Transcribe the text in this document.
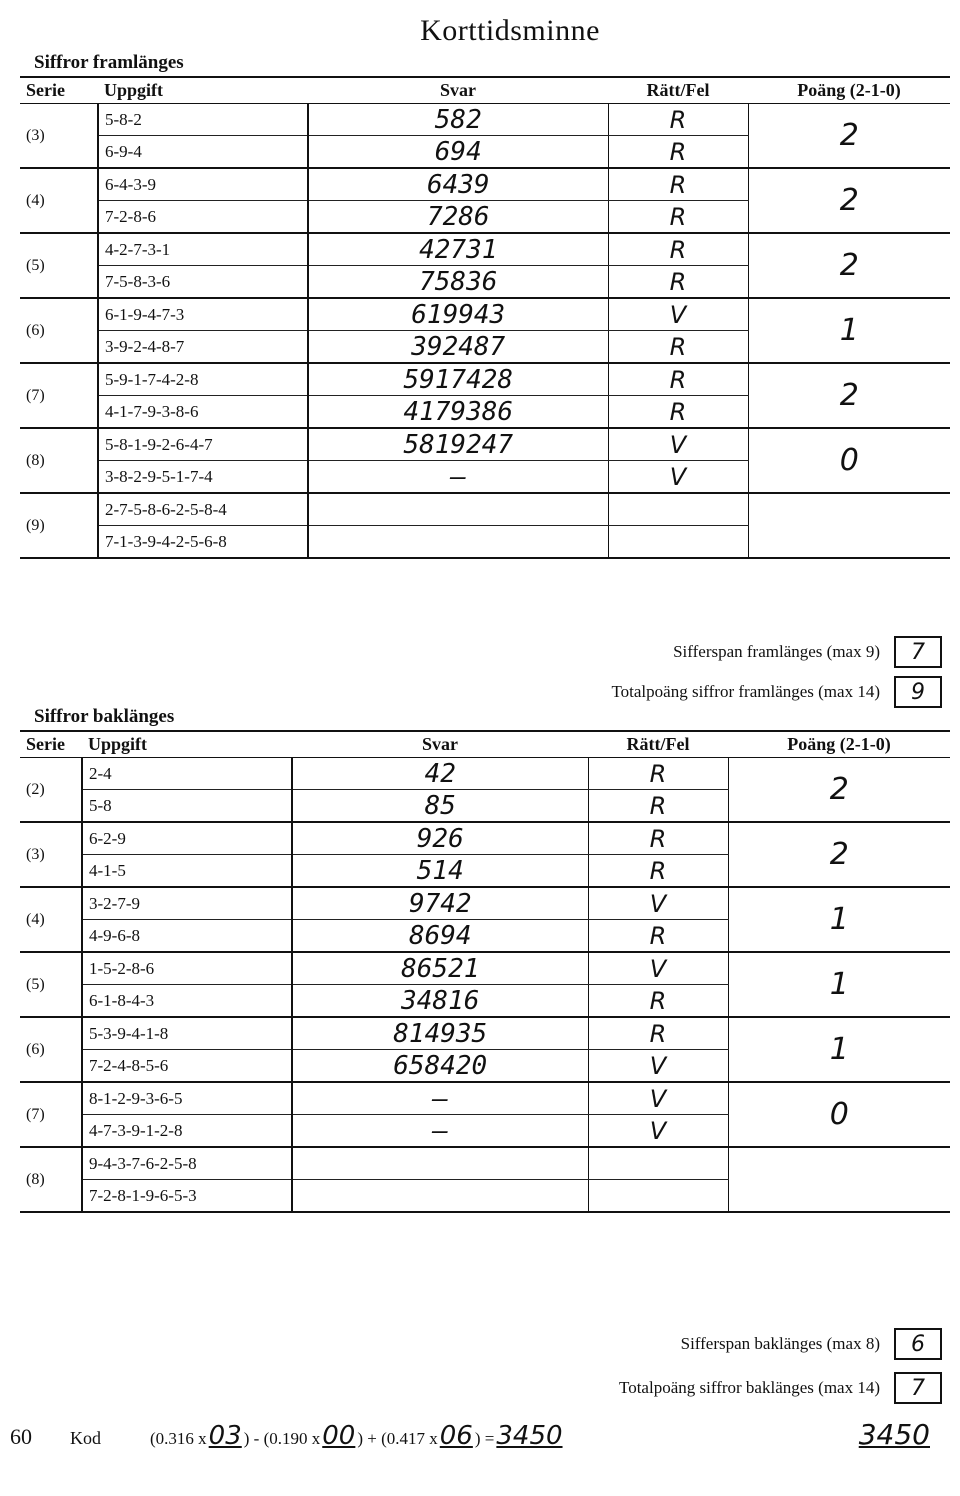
Korttidsminne
Siffror framlänges
Serie	Uppgift	Svar	Rätt/Fel	Poäng (2-1-0)
(3)	5-8-2	582	R	2
	6-9-4	694	R	
(4)	6-4-3-9	6439	R	2
	7-2-8-6	7286	R	
(5)	4-2-7-3-1	42731	R	2
	7-5-8-3-6	75836	R	
(6)	6-1-9-4-7-3	619943	V	1
	3-9-2-4-8-7	392487	R	
(7)	5-9-1-7-4-2-8	5917428	R	2
	4-1-7-9-3-8-6	4179386	R	
(8)	5-8-1-9-2-6-4-7	5819247	V	0
	3-8-2-9-5-1-7-4	—	V	
(9)	2-7-5-8-6-2-5-8-4			
	7-1-3-9-4-2-5-6-8			
Sifferspan framlänges (max 9)	7
Totalpoäng siffror framlänges (max 14)	9
Siffror baklänges
Serie	Uppgift	Svar	Rätt/Fel	Poäng (2-1-0)
(2)	2-4	42	R	2
	5-8	85	R	
(3)	6-2-9	926	R	2
	4-1-5	514	R	
(4)	3-2-7-9	9742	V	1
	4-9-6-8	8694	R	
(5)	1-5-2-8-6	86521	V	1
	6-1-8-4-3	34816	R	
(6)	5-3-9-4-1-8	814935	R	1
	7-2-4-8-5-6	658420	V	
(7)	8-1-2-9-3-6-5	—	V	0
	4-7-3-9-1-2-8	—	V	
(8)	9-4-3-7-6-2-5-8			
	7-2-8-1-9-6-5-3			
Sifferspan baklänges (max 8)	6
Totalpoäng siffror baklänges (max 14)	7
60	Kod	(0.316 x 03 ) - (0.190 x 00 ) + (0.417 x 06 ) = 3450	3450
